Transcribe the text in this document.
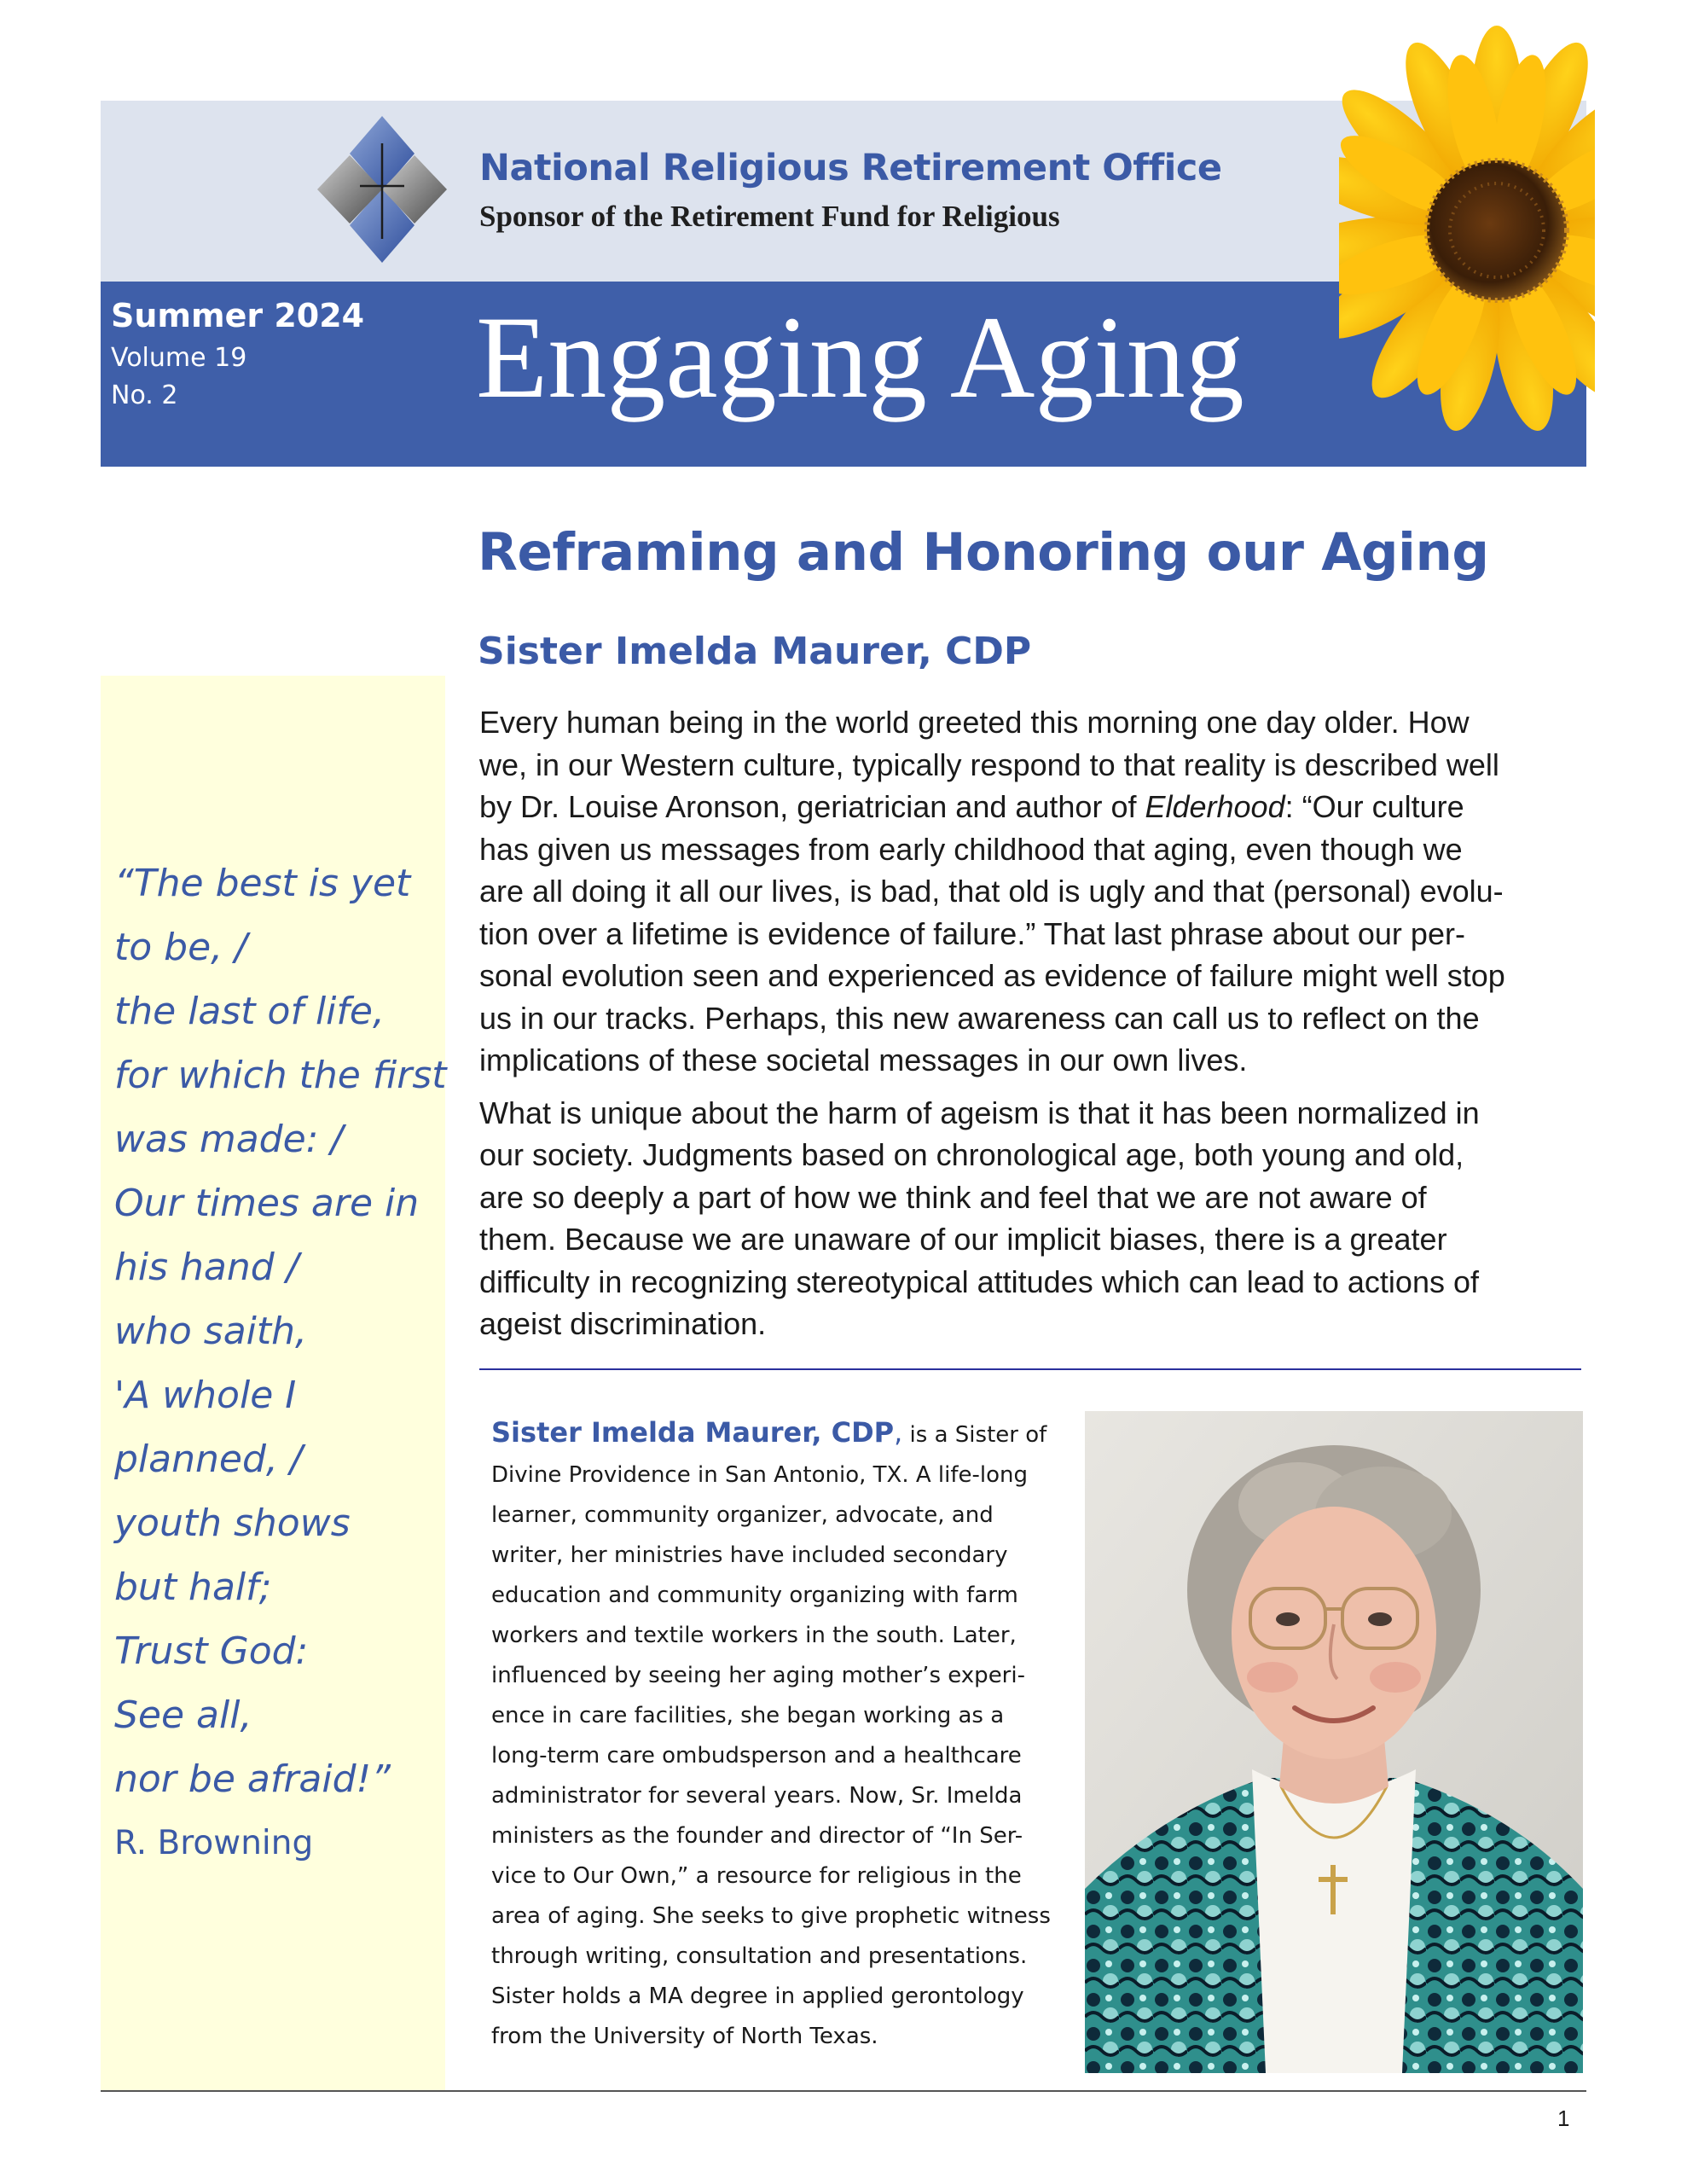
National Religious Retirement Office
Sponsor of the Retirement Fund for Religious
Summer 2024
Volume 19
No. 2	Engaging Aging
Reframing and Honoring our Aging
Sister Imelda Maurer, CDP
“The best is yet
to be, /
the last of life,
for which the first
was made: /
Our times are in
his hand /
who saith,
'A whole I
planned, /
youth shows
but half;
Trust God:
See all,
nor be afraid!”
R. Browning

Every human being in the world greeted this morning one day older. How
we, in our Western culture, typically respond to that reality is described well
by Dr. Louise Aronson, geriatrician and author of Elderhood: “Our culture
has given us messages from early childhood that aging, even though we
are all doing it all our lives, is bad, that old is ugly and that (personal) evolu-
tion over a lifetime is evidence of failure.” That last phrase about our per-
sonal evolution seen and experienced as evidence of failure might well stop
us in our tracks. Perhaps, this new awareness can call us to reflect on the
implications of these societal messages in our own lives.

What is unique about the harm of ageism is that it has been normalized in
our society. Judgments based on chronological age, both young and old,
are so deeply a part of how we think and feel that we are not aware of
them. Because we are unaware of our implicit biases, there is a greater
difficulty in recognizing stereotypical attitudes which can lead to actions of
ageist discrimination.

Sister Imelda Maurer, CDP, is a Sister of
Divine Providence in San Antonio, TX. A life-long
learner, community organizer, advocate, and
writer, her ministries have included secondary
education and community organizing with farm
workers and textile workers in the south. Later,
influenced by seeing her aging mother’s experi-
ence in care facilities, she began working as a
long-term care ombudsperson and a healthcare
administrator for several years. Now, Sr. Imelda
ministers as the founder and director of “In Ser-
vice to Our Own,” a resource for religious in the
area of aging. She seeks to give prophetic witness
through writing, consultation and presentations.
Sister holds a MA degree in applied gerontology
from the University of North Texas.
1
